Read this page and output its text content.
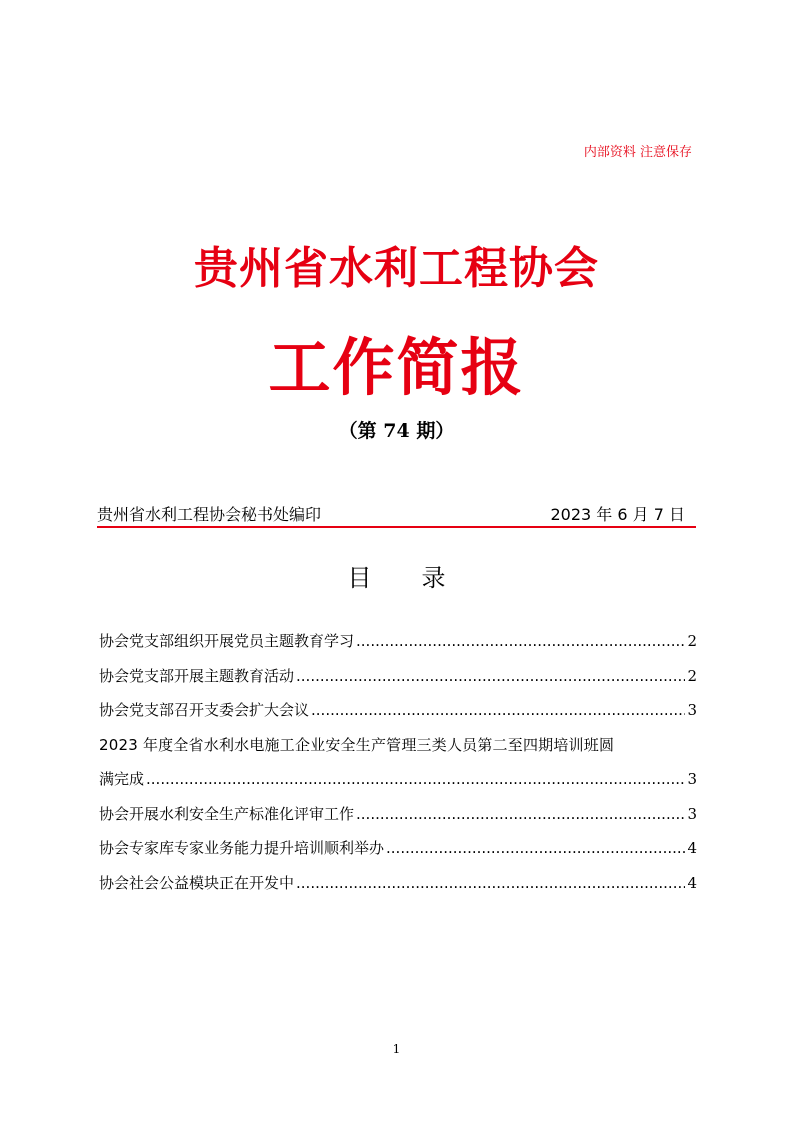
内部资料 注意保存
贵州省水利工程协会
工作简报
（第 74 期）
贵州省水利工程协会秘书处编印	2023 年 6 月 7 日
目 录
协会党支部组织开展党员主题教育学习 .....	2
协会党支部开展主题教育活动 .....	2
协会党支部召开支委会扩大会议 .....	3
2023 年度全省水利水电施工企业安全生产管理三类人员第二至四期培训班圆
满完成 .....	3
协会开展水利安全生产标准化评审工作 .....	3
协会专家库专家业务能力提升培训顺利举办 .....	4
协会社会公益模块正在开发中 .....	4
1
